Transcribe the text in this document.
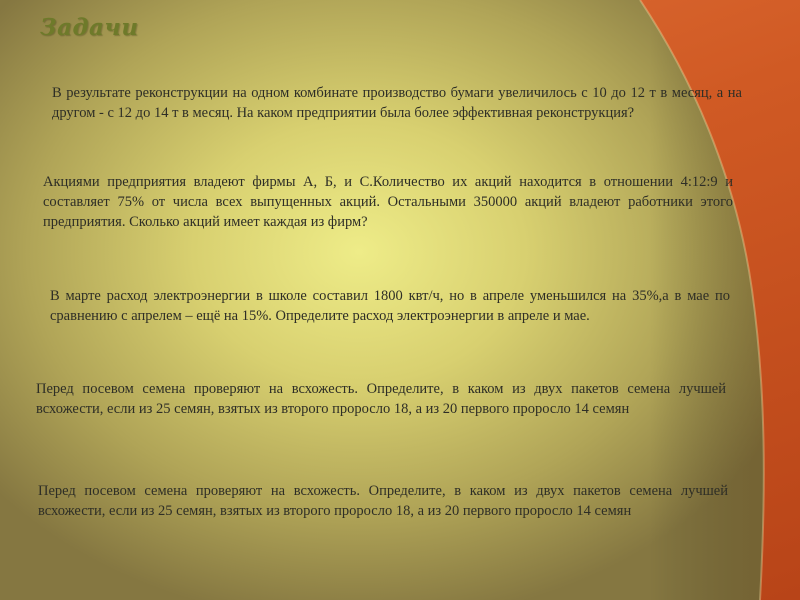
Задачи

В результате реконструкции на одном комбинате производство бумаги увеличилось с 10 до 12 т в месяц, а на другом - с 12 до 14 т в месяц. На каком предприятии была более эффективная реконструкция?

Акциями предприятия владеют фирмы А, Б, и С.Количество их акций находится в отношении 4:12:9 и составляет 75% от числа всех выпущенных акций. Остальными 350000 акций владеют работники этого предприятия. Сколько акций имеет каждая из фирм?

В марте расход электроэнергии в школе составил 1800 квт/ч, но в апреле уменьшился на 35%,а в мае по сравнению с апрелем – ещё на 15%. Определите расход электроэнергии в апреле и мае.

Перед посевом семена проверяют на всхожесть. Определите, в каком из двух пакетов семена лучшей всхожести, если из 25 семян, взятых из второго проросло 18, а из 20 первого проросло 14 семян

Перед посевом семена проверяют на всхожесть. Определите, в каком из двух пакетов семена лучшей всхожести, если из 25 семян, взятых из второго проросло 18, а из 20 первого проросло 14 семян
